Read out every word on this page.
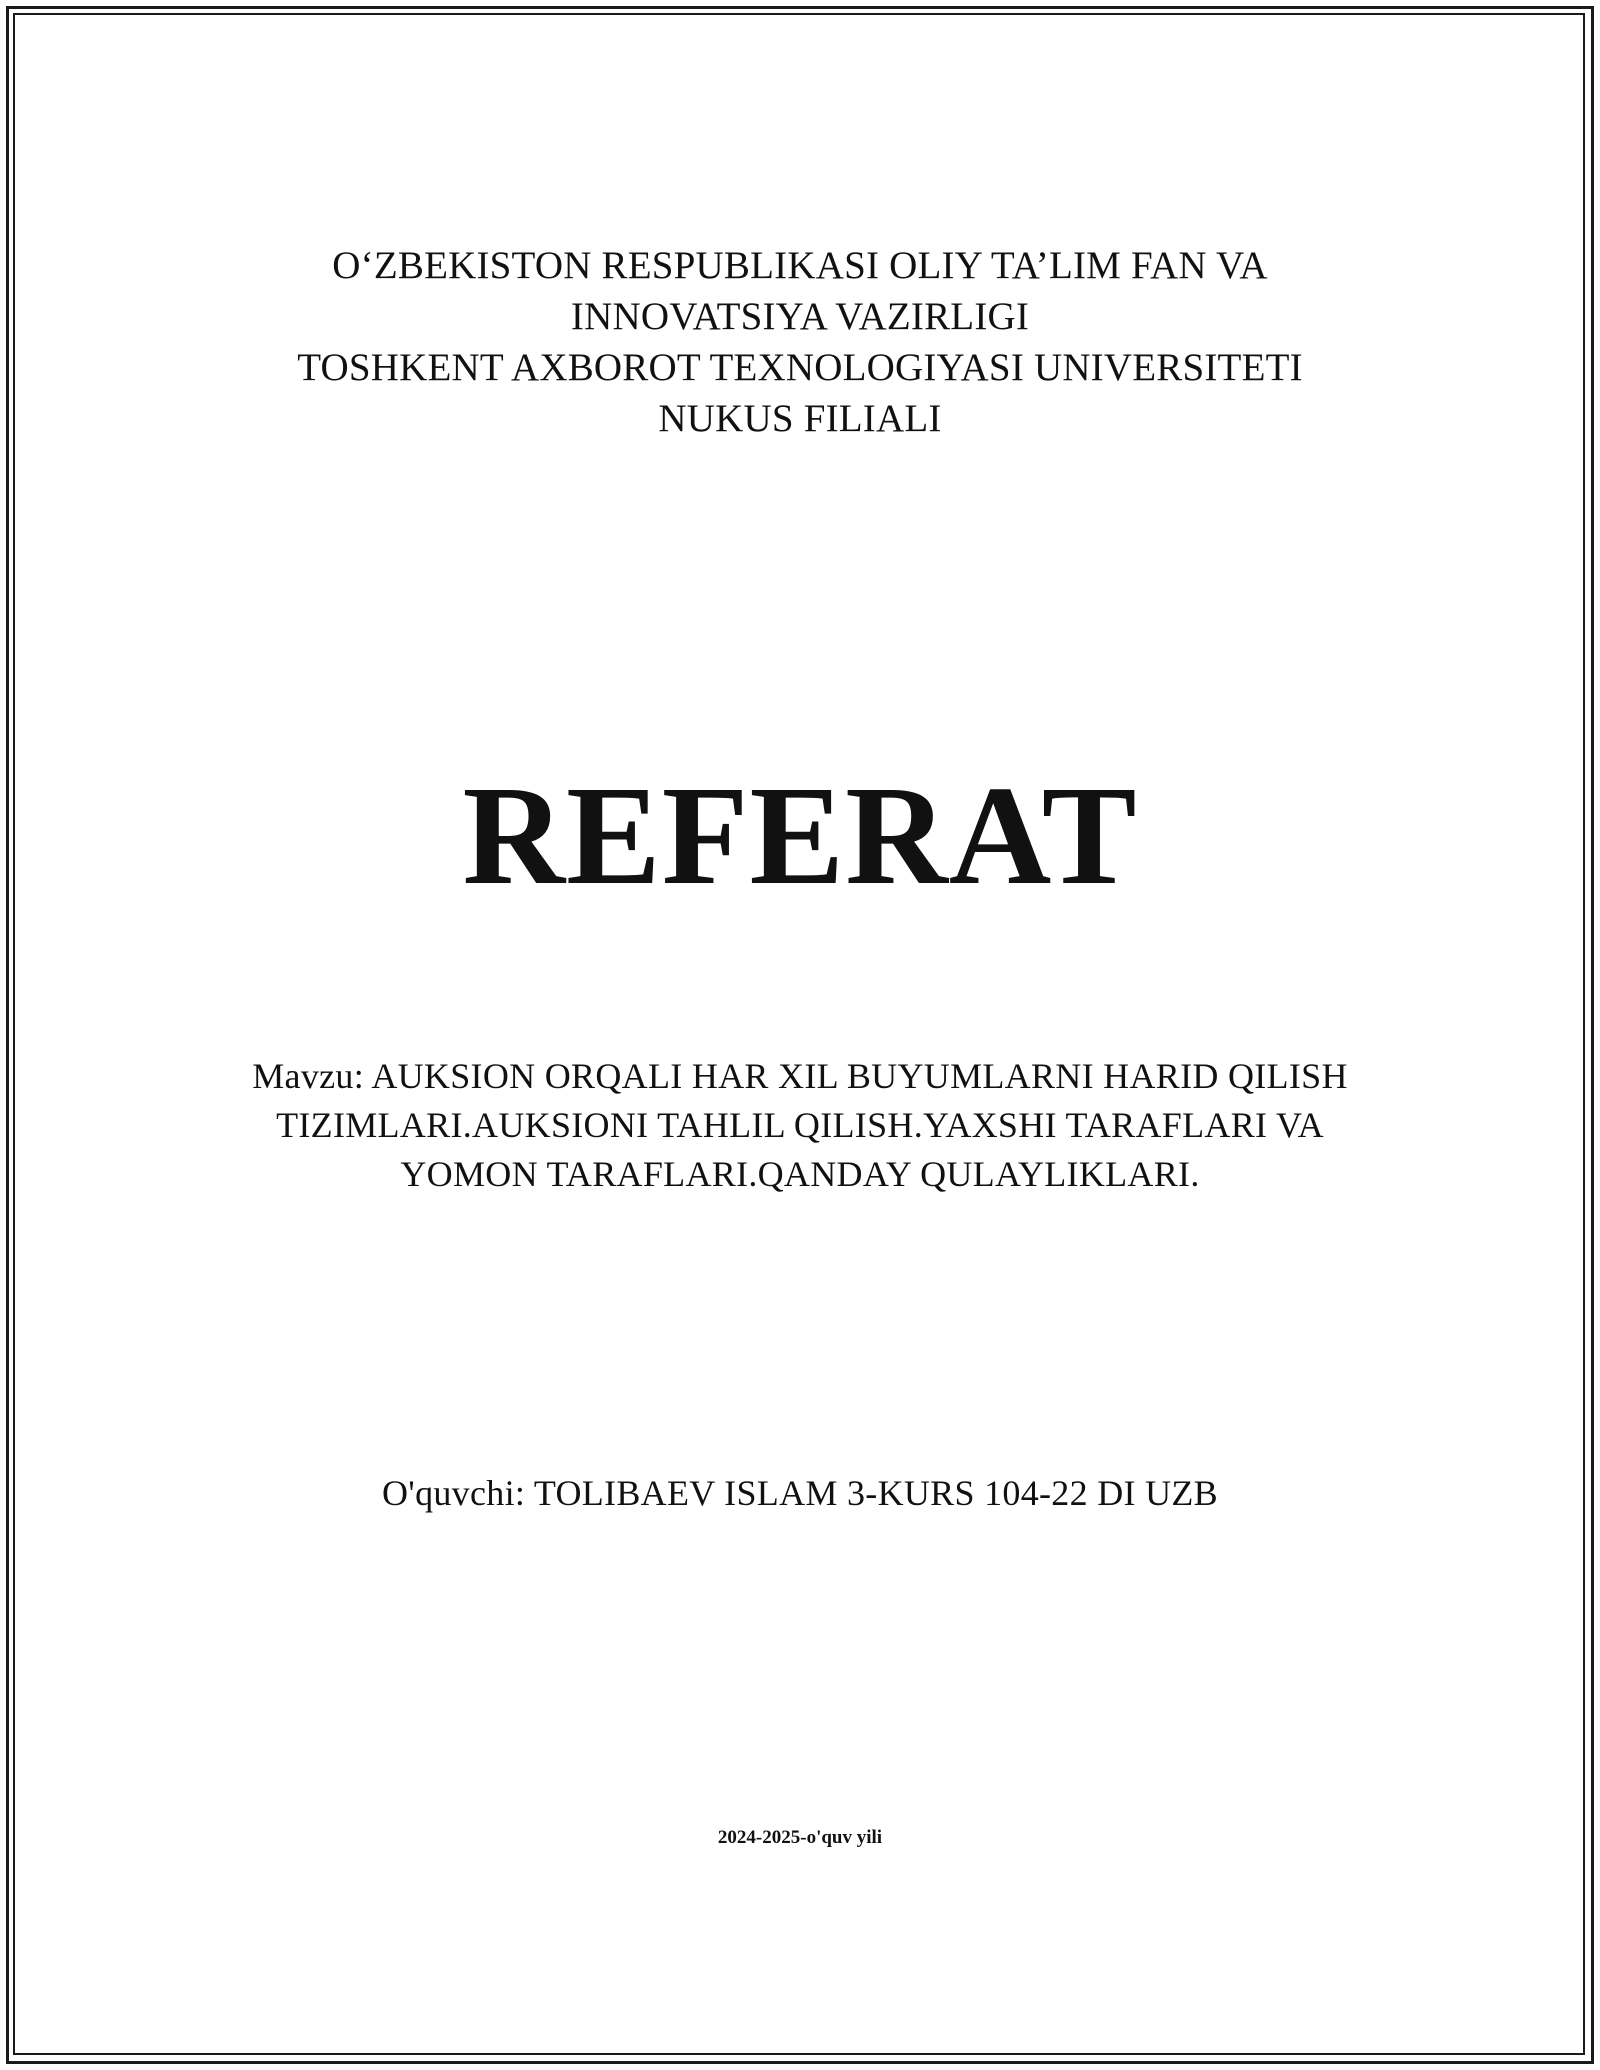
O‘ZBEKISTON RESPUBLIKASI OLIY TA’LIM FAN VA
INNOVATSIYA VAZIRLIGI
TOSHKENT AXBOROT TEXNOLOGIYASI UNIVERSITETI
NUKUS FILIALI
REFERAT
Mavzu: AUKSION ORQALI HAR XIL BUYUMLARNI HARID QILISH
TIZIMLARI.AUKSIONI TAHLIL QILISH.YAXSHI TARAFLARI VA
YOMON TARAFLARI.QANDAY QULAYLIKLARI.
O'quvchi: TOLIBAEV ISLAM 3-KURS 104-22 DI UZB
2024-2025-o'quv yili
